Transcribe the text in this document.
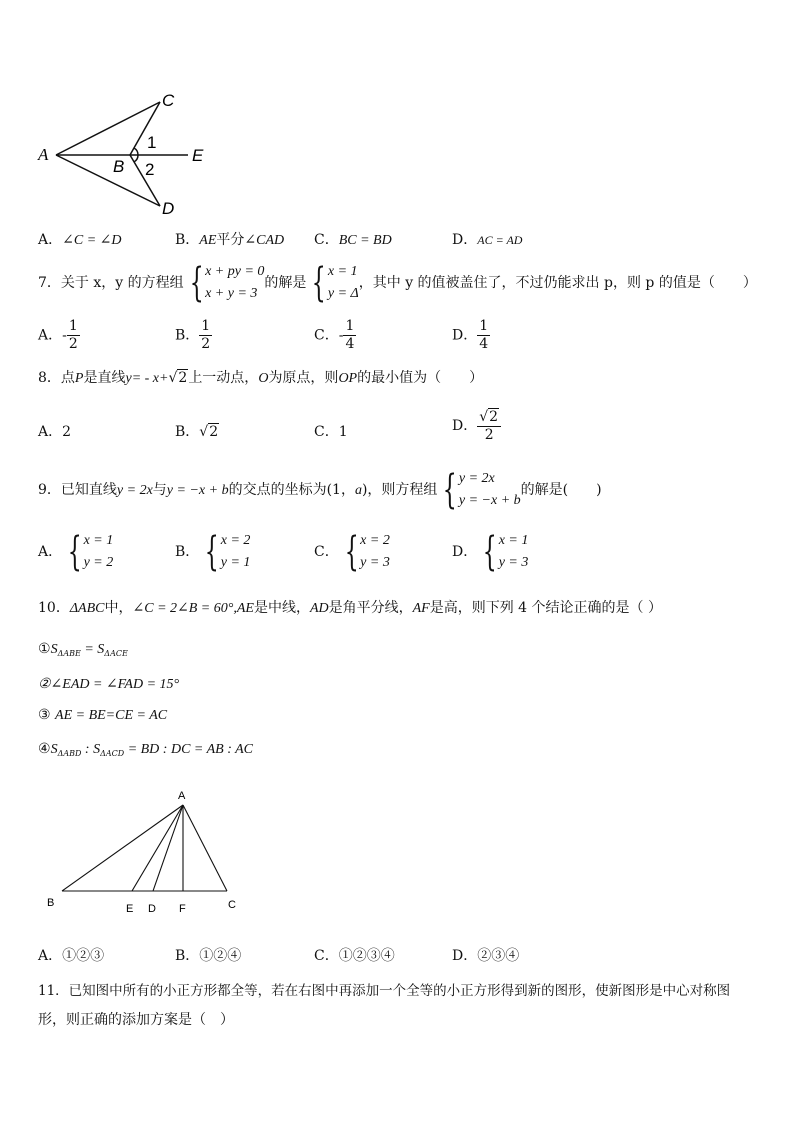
A
B
C
D
E
1
2
A．∠C = ∠D	B．AE平分∠CAD C．BC = BD	D．AC = AD
7．关于 x，y 的方程组 { x + py = 0
x + y = 3的解是 { x = 1
y = Δ，其中 y 的值被盖住了，不过仍能求出 p，则 p 的值是（　　）
A．- $\frac{1}{2}$	B． $\frac{1}{2}$	C．- $\frac{1}{4}$	D． $\frac{1}{4}$
8．点P是直线y= - x+√2上一动点，O为原点，则OP的最小值为（　　）
A．2	B．√2	C．1	D． $\frac{√2}{2}$
9．已知直线y = 2x与y = −x + b的交点的坐标为(1，a)，则方程组 { y = 2x
y = −x + b的解是(　　)
A． { x = 1
y = 2
B． { x = 2
y = 1
C． { x = 2
y = 3
D． { x = 1
y = 3
10．ΔABC中，∠C = 2∠B = 60°,AE是中线，AD是角平分线，AF是高，则下列 4 个结论正确的是（ ）
$①S_{\Delta ABE} = S_{\Delta ACE}$
②∠EAD = ∠FAD = 15°
③ AE = BE=CE = AC
$④S_{\Delta ABD}$ : $S_{\Delta ACD}$ = BD : DC = AB : AC
A
B	E D F	C
A．①②③	B．①②④	C．①②③④	D．②③④
11．已知图中所有的小正方形都全等，若在右图中再添加一个全等的小正方形得到新的图形，使新图形是中心对称图
形，则正确的添加方案是（　）
